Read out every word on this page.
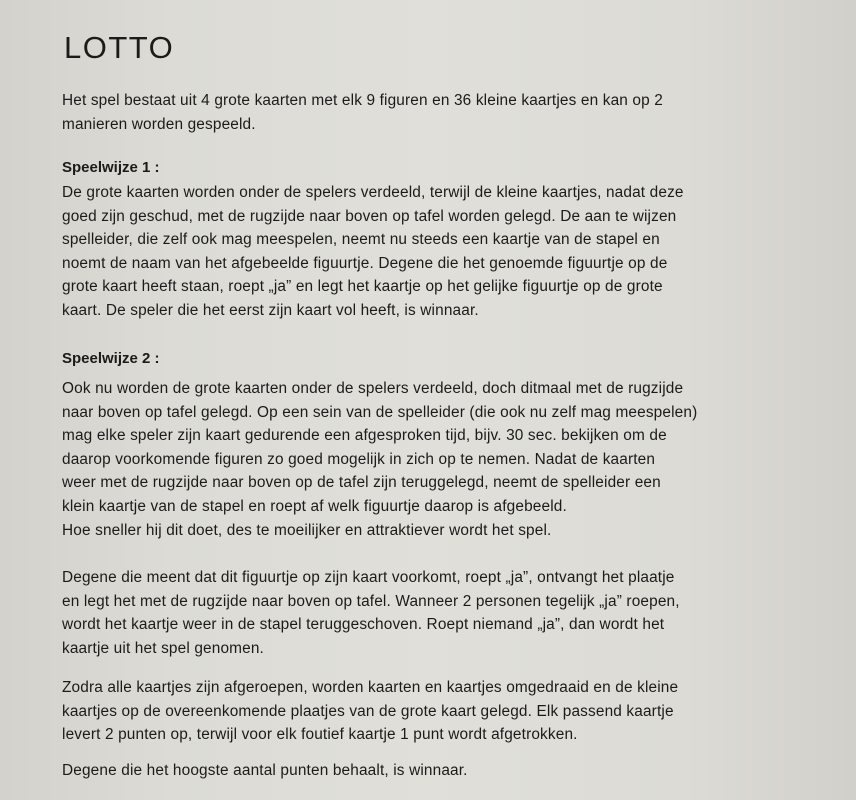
LOTTO
Het spel bestaat uit 4 grote kaarten met elk 9 figuren en 36 kleine kaartjes en kan op 2
manieren worden gespeeld.
Speelwijze 1 :
De grote kaarten worden onder de spelers verdeeld, terwijl de kleine kaartjes, nadat deze
goed zijn geschud, met de rugzijde naar boven op tafel worden gelegd. De aan te wijzen
spelleider, die zelf ook mag meespelen, neemt nu steeds een kaartje van de stapel en
noemt de naam van het afgebeelde figuurtje. Degene die het genoemde figuurtje op de
grote kaart heeft staan, roept „ja” en legt het kaartje op het gelijke figuurtje op de grote
kaart. De speler die het eerst zijn kaart vol heeft, is winnaar.
Speelwijze 2 :
Ook nu worden de grote kaarten onder de spelers verdeeld, doch ditmaal met de rugzijde
naar boven op tafel gelegd. Op een sein van de spelleider (die ook nu zelf mag meespelen)
mag elke speler zijn kaart gedurende een afgesproken tijd, bijv. 30 sec. bekijken om de
daarop voorkomende figuren zo goed mogelijk in zich op te nemen. Nadat de kaarten
weer met de rugzijde naar boven op de tafel zijn teruggelegd, neemt de spelleider een
klein kaartje van de stapel en roept af welk figuurtje daarop is afgebeeld.
Hoe sneller hij dit doet, des te moeilijker en attraktiever wordt het spel.
Degene die meent dat dit figuurtje op zijn kaart voorkomt, roept „ja”, ontvangt het plaatje
en legt het met de rugzijde naar boven op tafel. Wanneer 2 personen tegelijk „ja” roepen,
wordt het kaartje weer in de stapel teruggeschoven. Roept niemand „ja”, dan wordt het
kaartje uit het spel genomen.
Zodra alle kaartjes zijn afgeroepen, worden kaarten en kaartjes omgedraaid en de kleine
kaartjes op de overeenkomende plaatjes van de grote kaart gelegd. Elk passend kaartje
levert 2 punten op, terwijl voor elk foutief kaartje 1 punt wordt afgetrokken.
Degene die het hoogste aantal punten behaalt, is winnaar.
